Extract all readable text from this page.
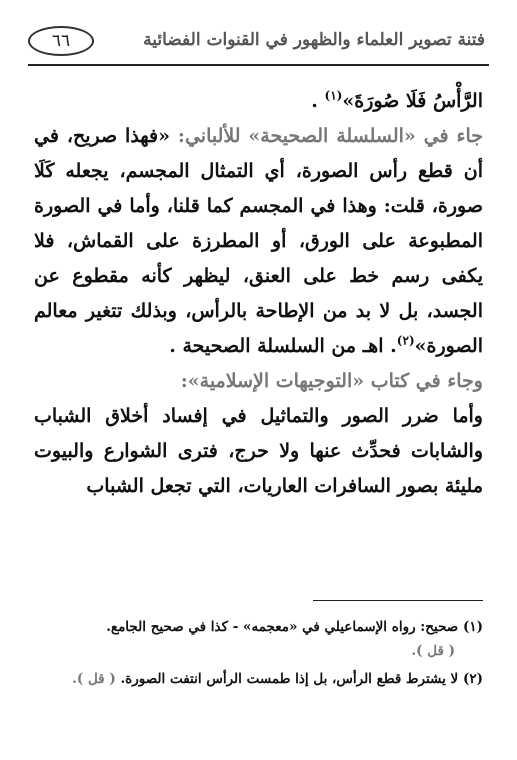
فتنة تصوير العلماء والظهور في القنوات الفضائية
٦٦

الرَّأْسُ فَلَا صُورَةَ»$^{(١)}$ .

جاء في «السلسلة الصحيحة» للألباني: «فهذا صريح، في أن قطع رأس الصورة، أي التمثال المجسم، يجعله كَلَا صورة، قلت: وهذا في المجسم كما قلنا، وأما في الصورة المطبوعة على الورق، أو المطرزة على القماش، فلا يكفى رسم خط على العنق، ليظهر كأنه مقطوع عن الجسد، بل لا بد من الإطاحة بالرأس، وبذلك تتغير معالم الصورة»$^{(٢)}$. اهـ من السلسلة الصحيحة .

وجاء في كتاب «التوجيهات الإسلامية»:

وأما ضرر الصور والتماثيل في إفساد أخلاق الشباب والشابات فحدِّث عنها ولا حرج، فترى الشوارع والبيوت مليئة بصور السافرات العاريات، التي تجعل الشباب

(١) صحيح: رواه الإسماعيلي في «معجمه» - كذا في صحيح الجامع.
( قل ).

(٢) لا يشترط قطع الرأس، بل إذا طمست الرأس انتفت الصورة. ( قل ).
